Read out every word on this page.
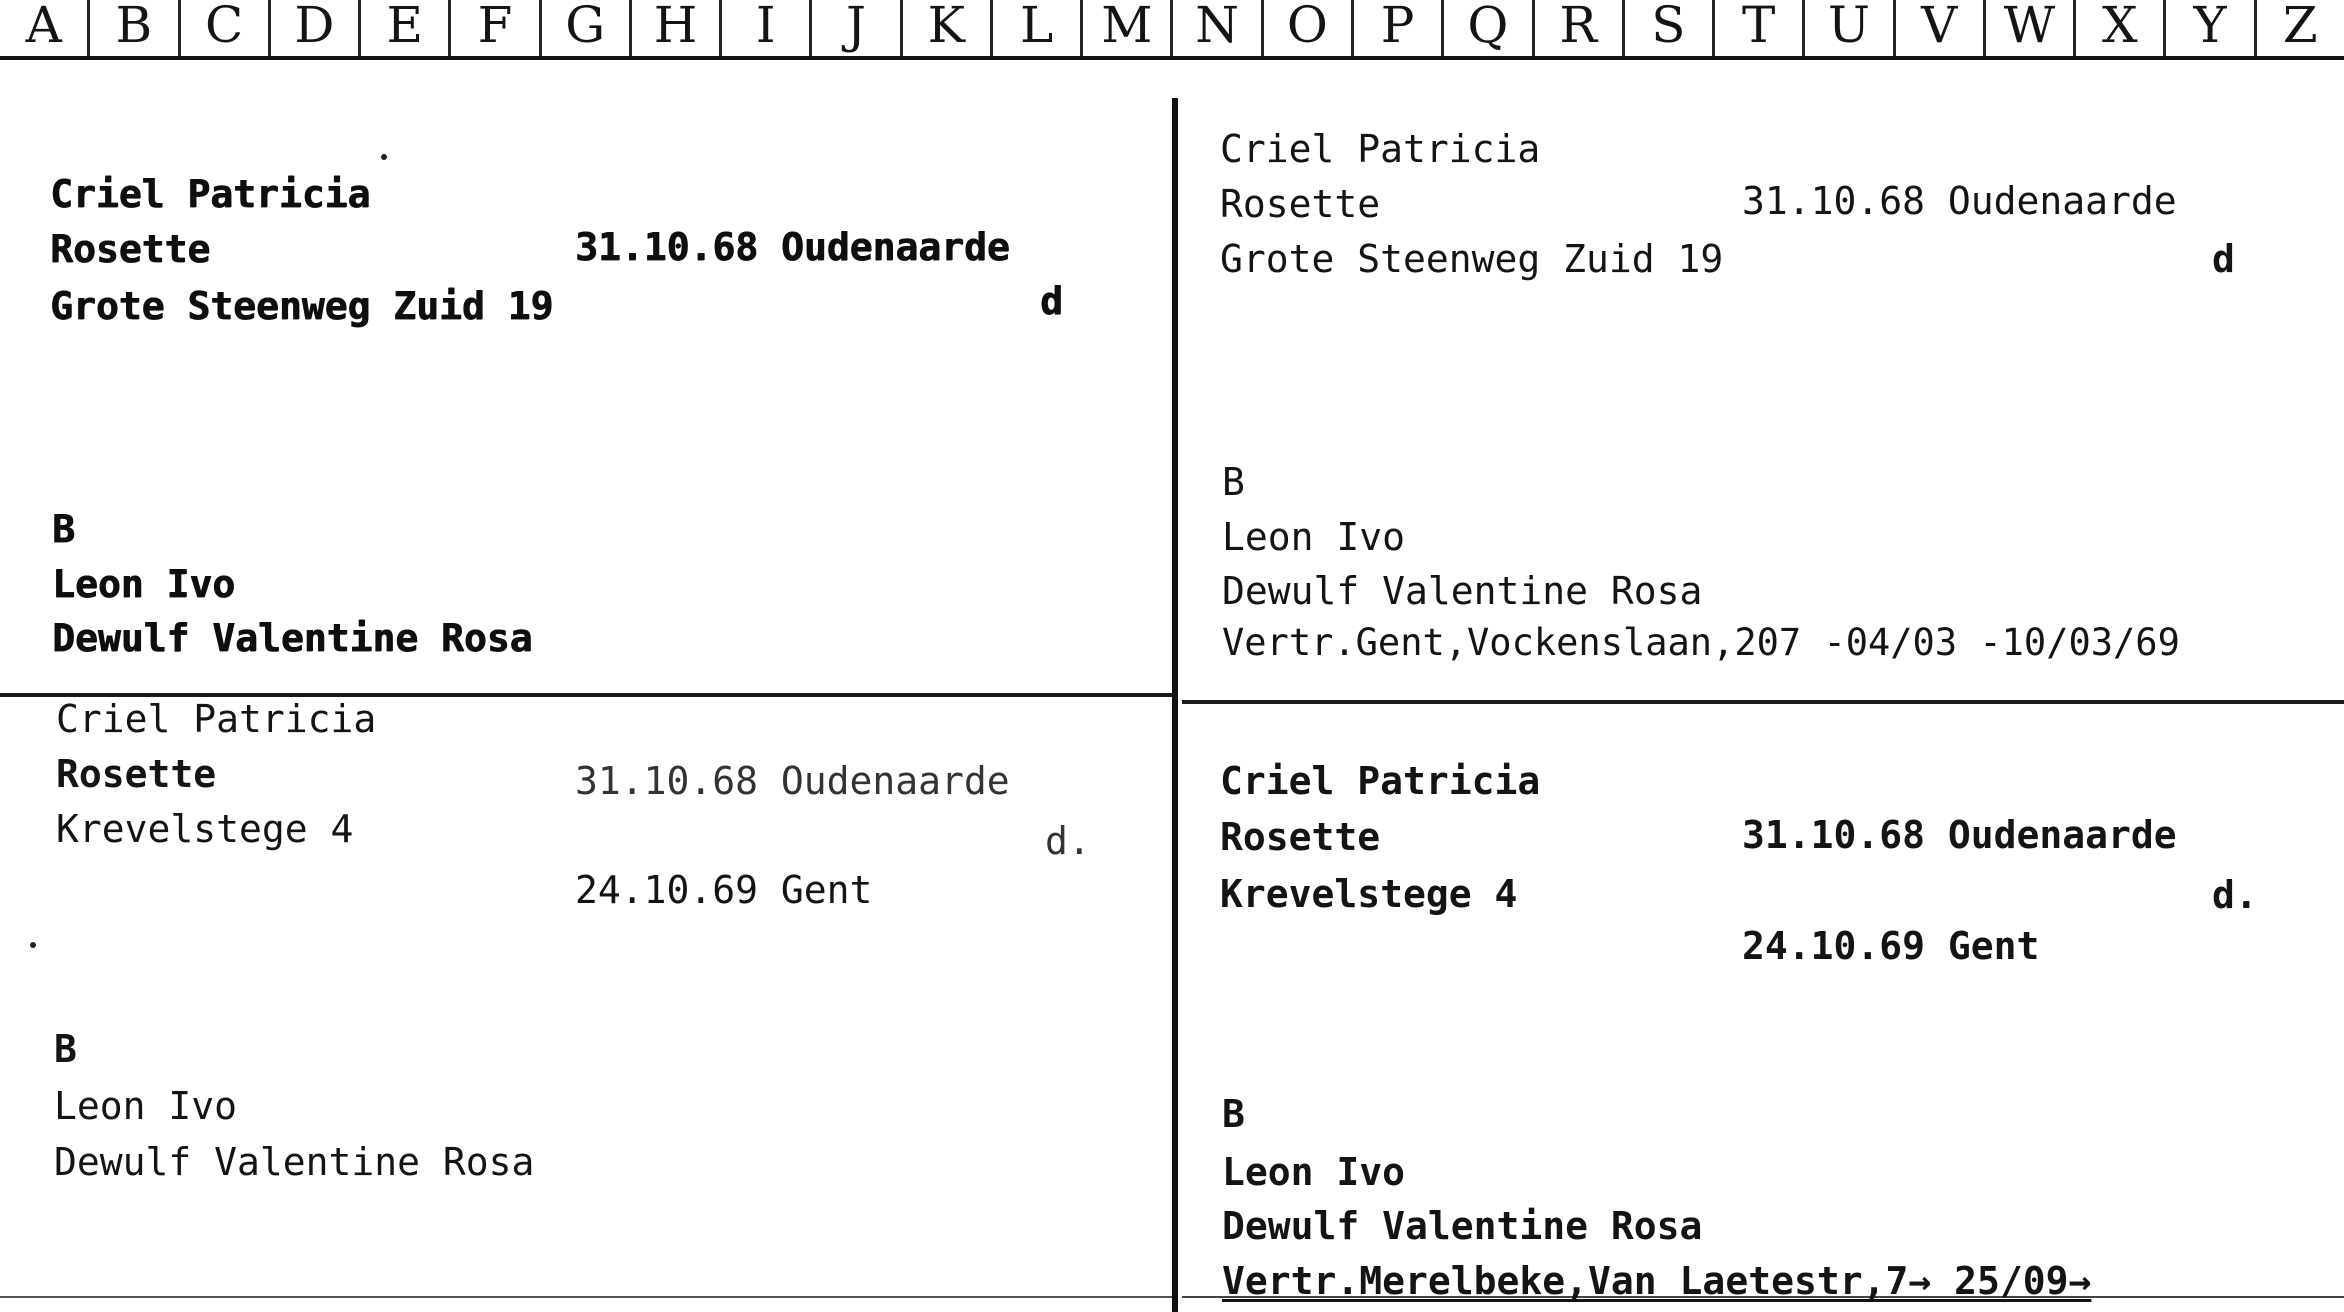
A	B	C	D	E	F	G H	I	J	K	L M N O	P	Q	R	S	T	U	V W X	Y	Z
Criel Patricia
Rosette	31.10.68 Oudenaarde
Grote Steenweg Zuid 19	d
B
Leon Ivo
Dewulf Valentine Rosa
Criel Patricia
Rosette	31.10.68 Oudenaarde
Grote Steenweg Zuid 19	d
B
Leon Ivo
Dewulf Valentine Rosa
Vertr.Gent,Vockenslaan,207 -04/03 -10/03/69
Criel Patricia
Rosette	31.10.68 Oudenaarde
Krevelstege 4	d.
24.10.69 Gent
B
Leon Ivo
Dewulf Valentine Rosa
Criel Patricia
Rosette	31.10.68 Oudenaarde
Krevelstege 4	d.
24.10.69 Gent
B
Leon Ivo
Dewulf Valentine Rosa
Vertr.Merelbeke,Van Laetestr,7→ 25/09→
